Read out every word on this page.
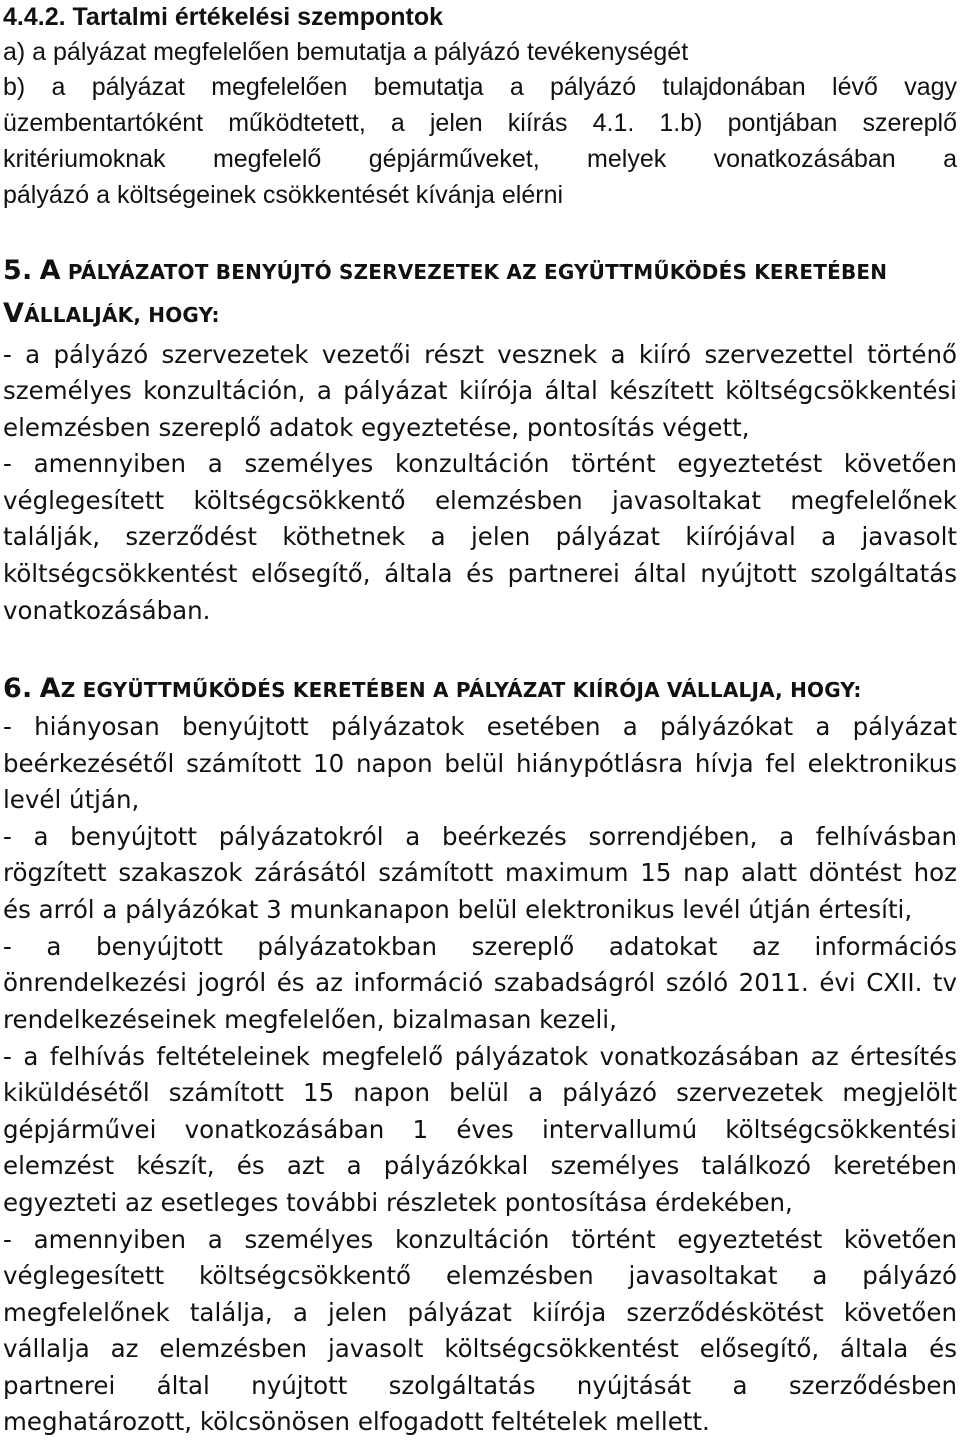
4.4.2. Tartalmi értékelési szempontok
a) a pályázat megfelelően bemutatja a pályázó tevékenységét
b) a pályázat megfelelően bemutatja a pályázó tulajdonában lévő vagy
üzembentartóként működtetett, a jelen kiírás 4.1. 1.b) pontjában szereplő
kritériumoknak megfelelő gépjárműveket, melyek vonatkozásában a
pályázó a költségeinek csökkentését kívánja elérni
5. A PÁLYÁZATOT BENYÚJTÓ SZERVEZETEK AZ EGYÜTTMŰKÖDÉS KERETÉBEN
VÁLLALJÁK, HOGY:
- a pályázó szervezetek vezetői részt vesznek a kiíró szervezettel történő
személyes konzultáción, a pályázat kiírója által készített költségcsökkentési
elemzésben szereplő adatok egyeztetése, pontosítás végett,
- amennyiben a személyes konzultáción történt egyeztetést követően
véglegesített költségcsökkentő elemzésben javasoltakat megfelelőnek
találják, szerződést köthetnek a jelen pályázat kiírójával a javasolt
költségcsökkentést elősegítő, általa és partnerei által nyújtott szolgáltatás
vonatkozásában.
6. AZ EGYÜTTMŰKÖDÉS KERETÉBEN A PÁLYÁZAT KIÍRÓJA VÁLLALJA, HOGY:
- hiányosan benyújtott pályázatok esetében a pályázókat a pályázat
beérkezésétől számított 10 napon belül hiánypótlásra hívja fel elektronikus
levél útján,
- a benyújtott pályázatokról a beérkezés sorrendjében, a felhívásban
rögzített szakaszok zárásától számított maximum 15 nap alatt döntést hoz
és arról a pályázókat 3 munkanapon belül elektronikus levél útján értesíti,
- a benyújtott pályázatokban szereplő adatokat az információs
önrendelkezési jogról és az információ szabadságról szóló 2011. évi CXII. tv
rendelkezéseinek megfelelően, bizalmasan kezeli,
- a felhívás feltételeinek megfelelő pályázatok vonatkozásában az értesítés
kiküldésétől számított 15 napon belül a pályázó szervezetek megjelölt
gépjárművei vonatkozásában 1 éves intervallumú költségcsökkentési
elemzést készít, és azt a pályázókkal személyes találkozó keretében
egyezteti az esetleges további részletek pontosítása érdekében,
- amennyiben a személyes konzultáción történt egyeztetést követően
véglegesített költségcsökkentő elemzésben javasoltakat a pályázó
megfelelőnek találja, a jelen pályázat kiírója szerződéskötést követően
vállalja az elemzésben javasolt költségcsökkentést elősegítő, általa és
partnerei által nyújtott szolgáltatás nyújtását a szerződésben
meghatározott, kölcsönösen elfogadott feltételek mellett.
